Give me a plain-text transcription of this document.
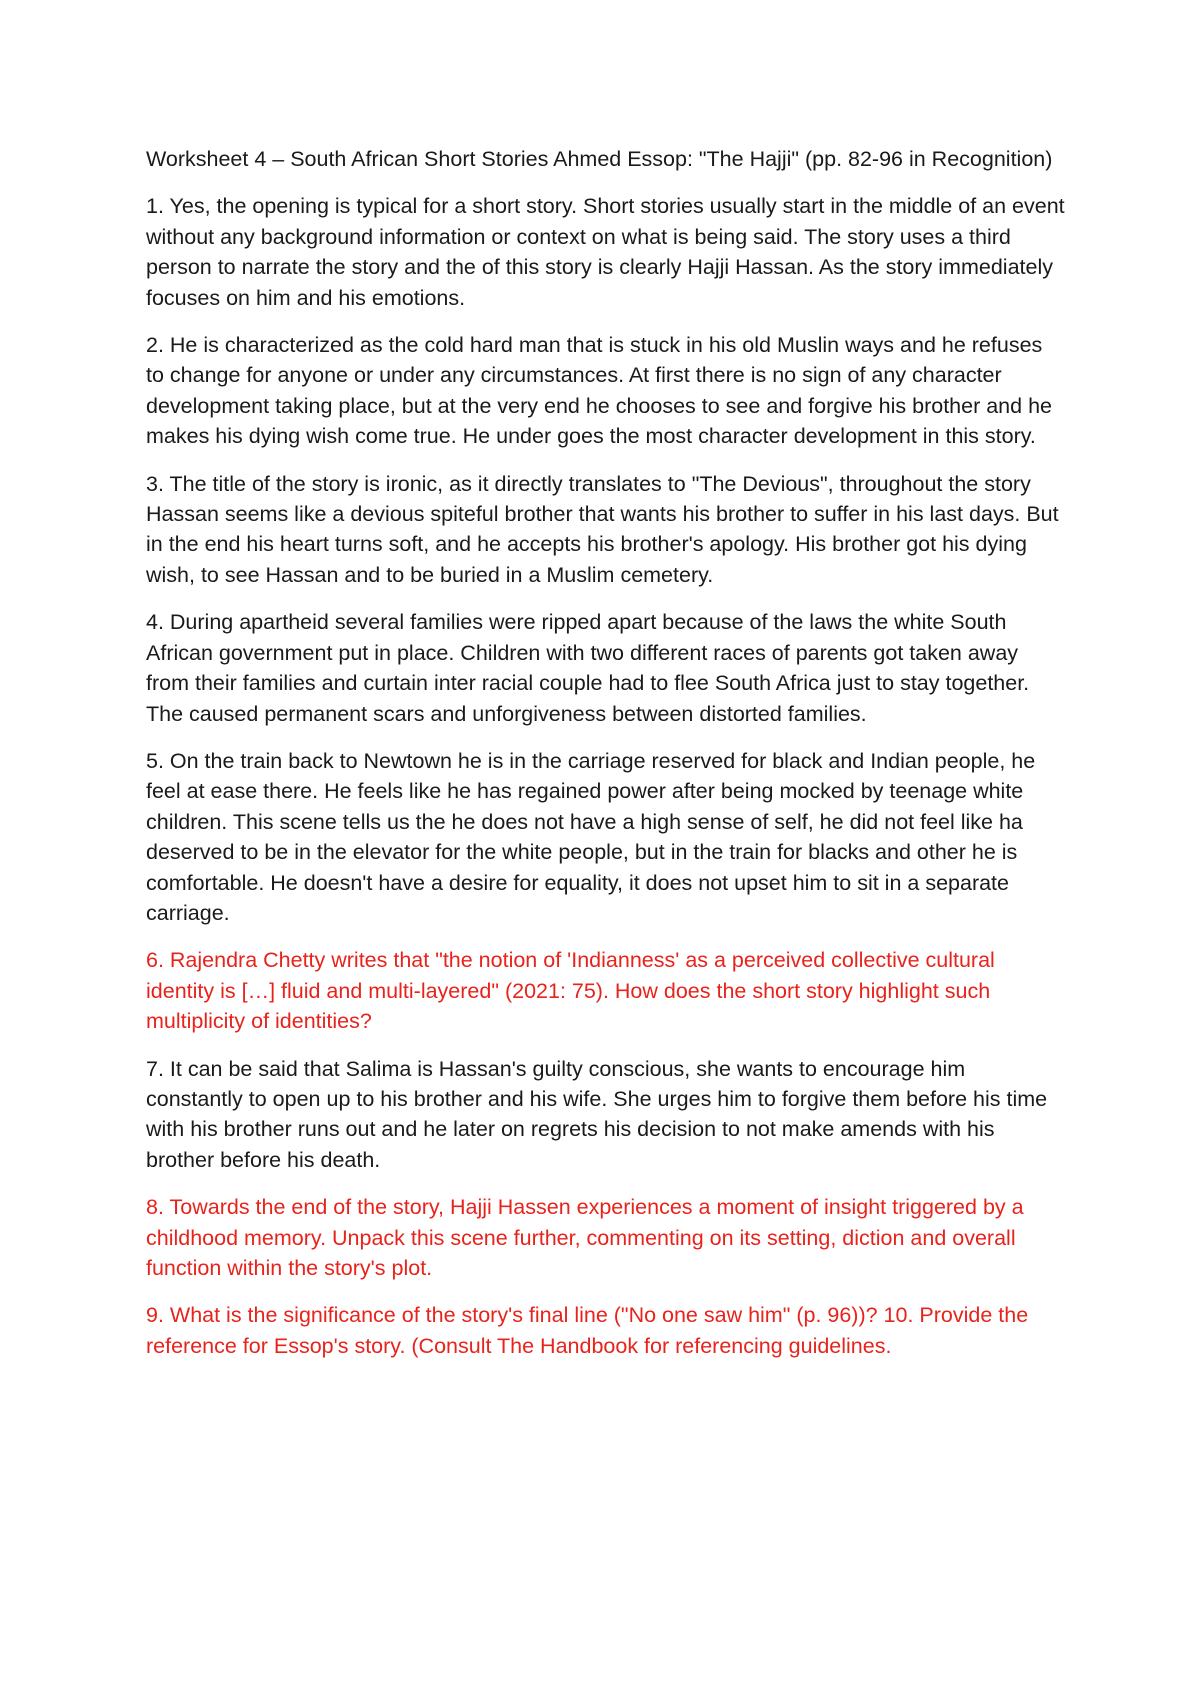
Worksheet 4 – South African Short Stories Ahmed Essop: "The Hajji" (pp. 82-96 in Recognition)

1. Yes, the opening is typical for a short story. Short stories usually start in the middle of an event without any background information or context on what is being said. The story uses a third person to narrate the story and the of this story is clearly Hajji Hassan. As the story immediately focuses on him and his emotions.

2. He is characterized as the cold hard man that is stuck in his old Muslin ways and he refuses to change for anyone or under any circumstances. At first there is no sign of any character development taking place, but at the very end he chooses to see and forgive his brother and he makes his dying wish come true. He under goes the most character development in this story.

3. The title of the story is ironic, as it directly translates to "The Devious", throughout the story Hassan seems like a devious spiteful brother that wants his brother to suffer in his last days. But in the end his heart turns soft, and he accepts his brother's apology. His brother got his dying wish, to see Hassan and to be buried in a Muslim cemetery.

4. During apartheid several families were ripped apart because of the laws the white South African government put in place. Children with two different races of parents got taken away from their families and curtain inter racial couple had to flee South Africa just to stay together. The caused permanent scars and unforgiveness between distorted families.

5. On the train back to Newtown he is in the carriage reserved for black and Indian people, he feel at ease there. He feels like he has regained power after being mocked by teenage white children. This scene tells us the he does not have a high sense of self, he did not feel like ha deserved to be in the elevator for the white people, but in the train for blacks and other he is comfortable. He doesn't have a desire for equality, it does not upset him to sit in a separate carriage.

6. Rajendra Chetty writes that "the notion of 'Indianness' as a perceived collective cultural identity is […] fluid and multi-layered" (2021: 75). How does the short story highlight such multiplicity of identities?

7. It can be said that Salima is Hassan's guilty conscious, she wants to encourage him constantly to open up to his brother and his wife. She urges him to forgive them before his time with his brother runs out and he later on regrets his decision to not make amends with his brother before his death.

8. Towards the end of the story, Hajji Hassen experiences a moment of insight triggered by a childhood memory. Unpack this scene further, commenting on its setting, diction and overall function within the story's plot.

9. What is the significance of the story's final line ("No one saw him" (p. 96))? 10. Provide the reference for Essop's story. (Consult The Handbook for referencing guidelines.
